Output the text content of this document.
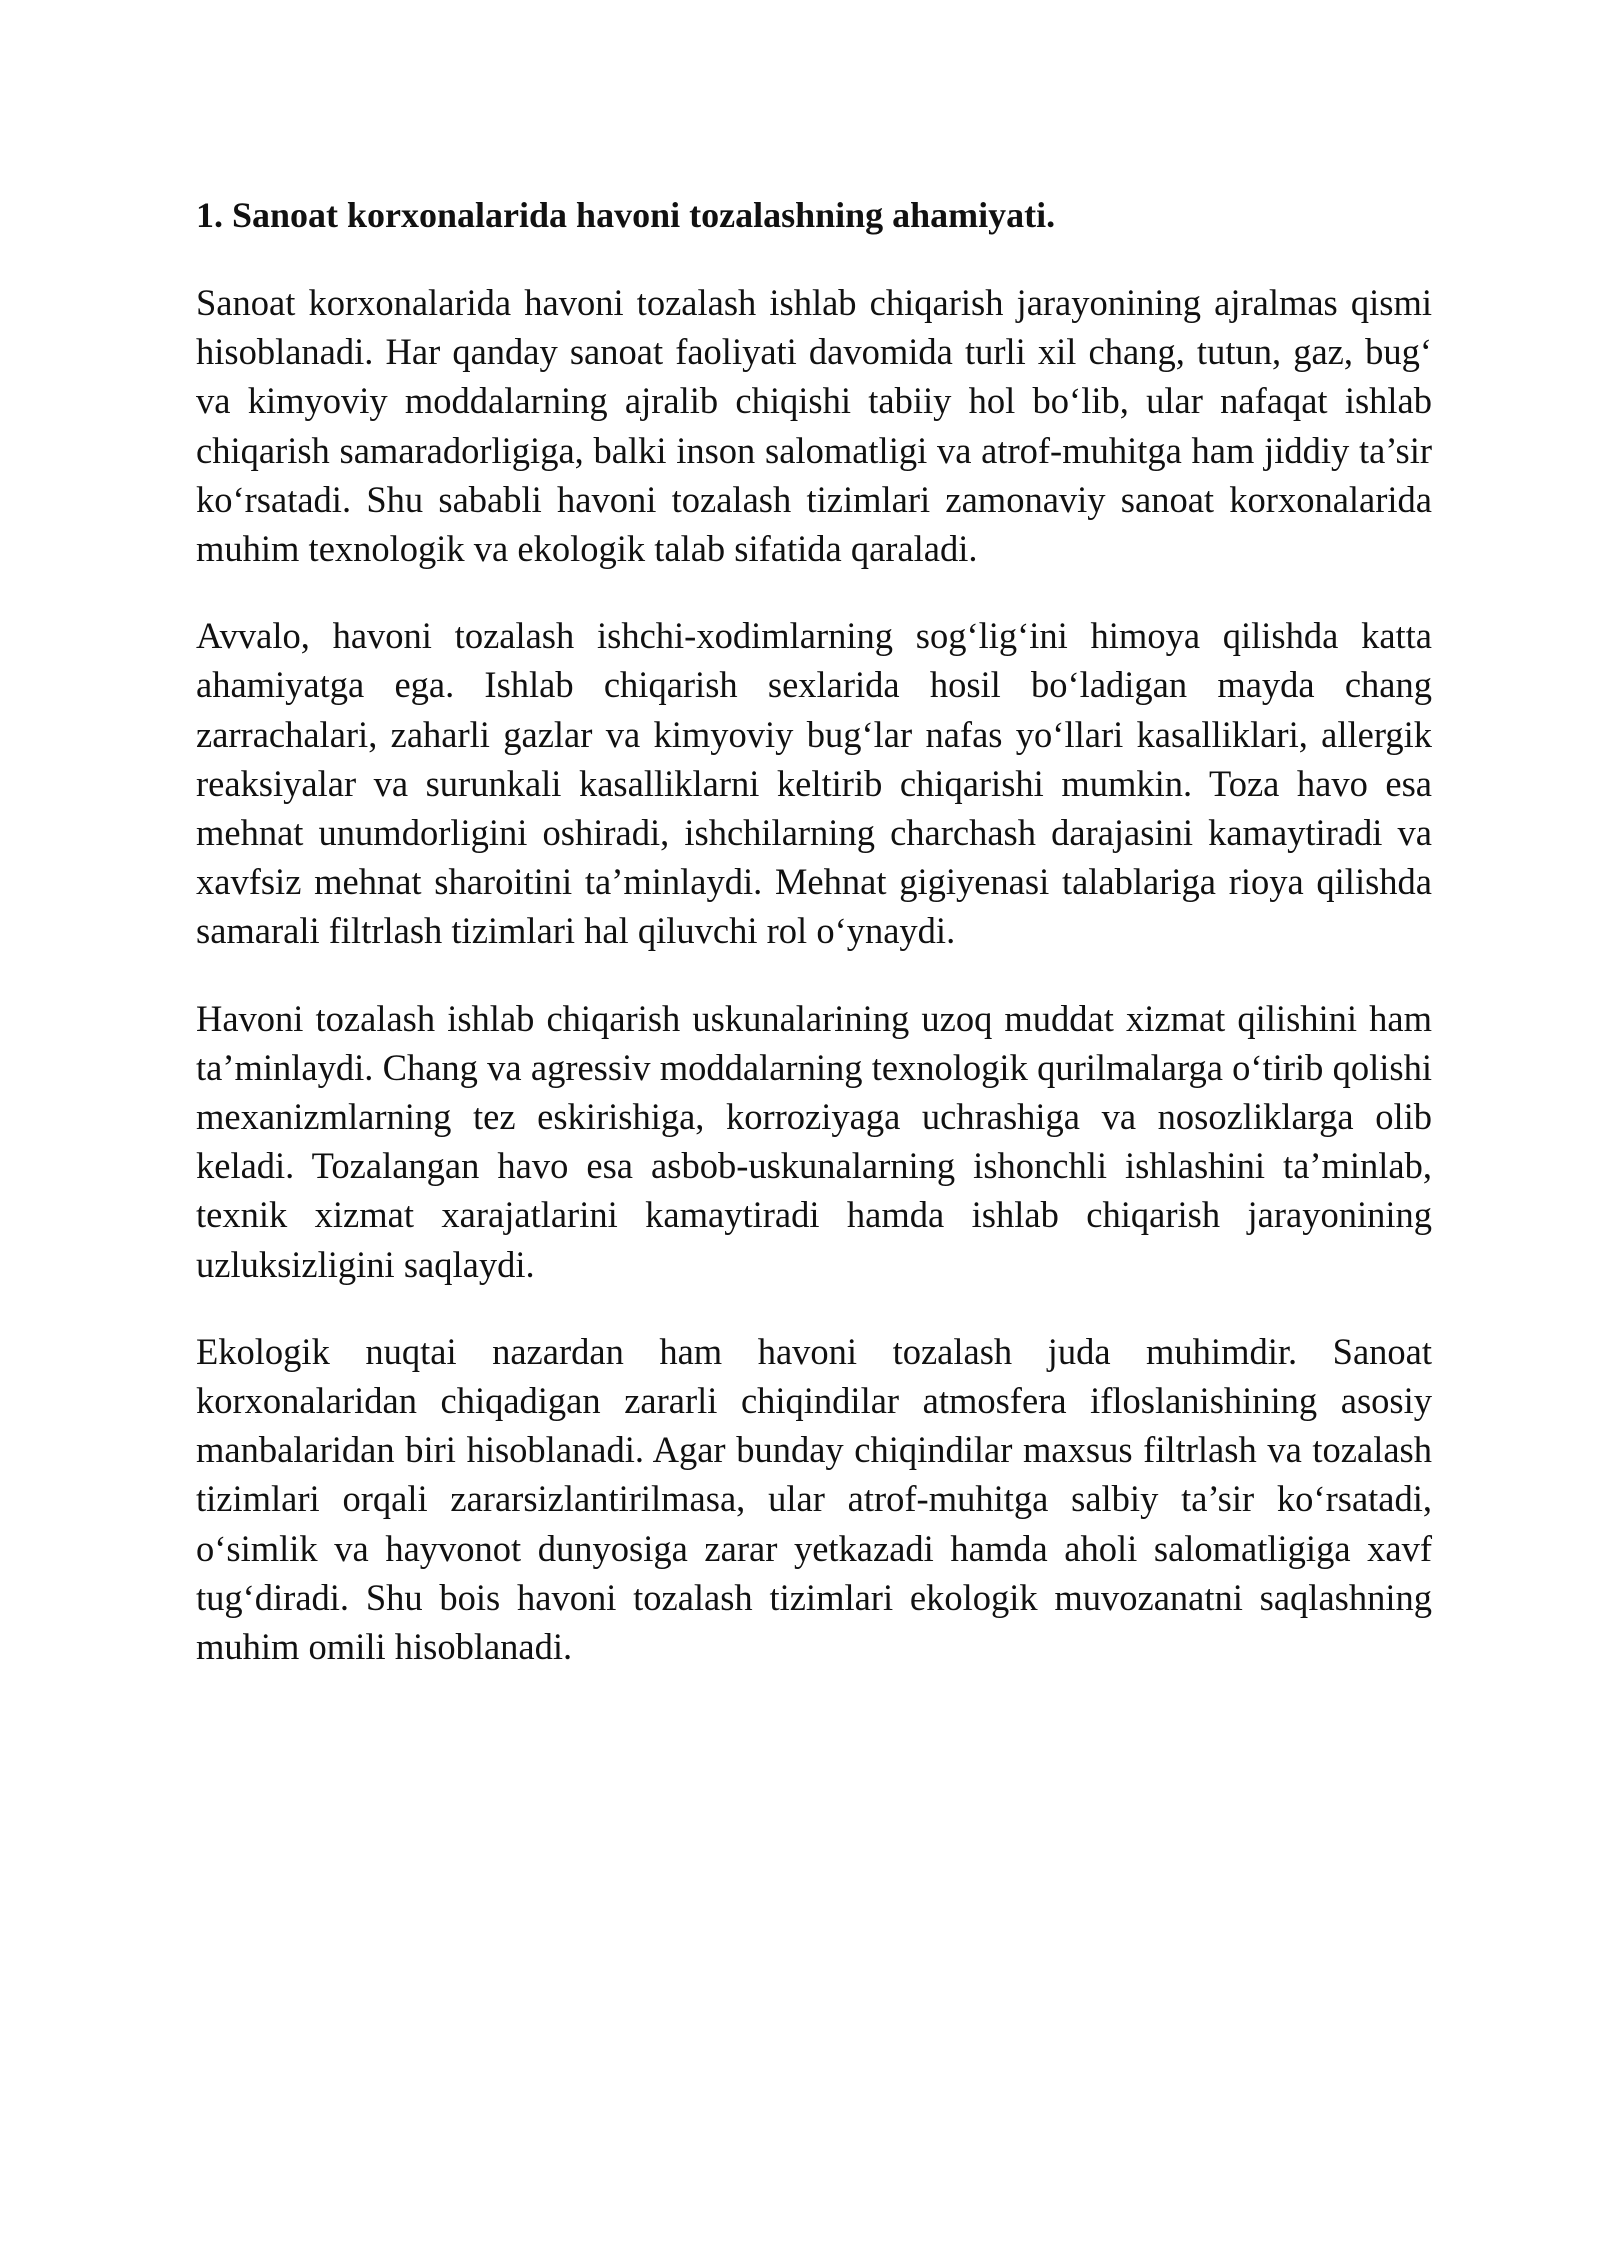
1. Sanoat korxonalarida havoni tozalashning ahamiyati.

Sanoat korxonalarida havoni tozalash ishlab chiqarish jarayonining ajralmas qismi hisoblanadi. Har qanday sanoat faoliyati davomida turli xil chang, tutun, gaz, bug‘ va kimyoviy moddalarning ajralib chiqishi tabiiy hol bo‘lib, ular nafaqat ishlab chiqarish samaradorligiga, balki inson salomatligi va atrof-muhitga ham jiddiy ta’sir ko‘rsatadi. Shu sababli havoni tozalash tizimlari zamonaviy sanoat korxonalarida muhim texnologik va ekologik talab sifatida qaraladi.

Avvalo, havoni tozalash ishchi-xodimlarning sog‘lig‘ini himoya qilishda katta ahamiyatga ega. Ishlab chiqarish sexlarida hosil bo‘ladigan mayda chang zarrachalari, zaharli gazlar va kimyoviy bug‘lar nafas yo‘llari kasalliklari, allergik reaksiyalar va surunkali kasalliklarni keltirib chiqarishi mumkin. Toza havo esa mehnat unumdorligini oshiradi, ishchilarning charchash darajasini kamaytiradi va xavfsiz mehnat sharoitini ta’minlaydi. Mehnat gigiyenasi talablariga rioya qilishda samarali filtrlash tizimlari hal qiluvchi rol o‘ynaydi.

Havoni tozalash ishlab chiqarish uskunalarining uzoq muddat xizmat qilishini ham ta’minlaydi. Chang va agressiv moddalarning texnologik qurilmalarga o‘tirib qolishi mexanizmlarning tez eskirishiga, korroziyaga uchrashiga va nosozliklarga olib keladi. Tozalangan havo esa asbob-uskunalarning ishonchli ishlashini ta’minlab, texnik xizmat xarajatlarini kamaytiradi hamda ishlab chiqarish jarayonining uzluksizligini saqlaydi.

Ekologik nuqtai nazardan ham havoni tozalash juda muhimdir. Sanoat korxonalaridan chiqadigan zararli chiqindilar atmosfera ifloslanishining asosiy manbalaridan biri hisoblanadi. Agar bunday chiqindilar maxsus filtrlash va tozalash tizimlari orqali zararsizlantirilmasa, ular atrof-muhitga salbiy ta’sir ko‘rsatadi, o‘simlik va hayvonot dunyosiga zarar yetkazadi hamda aholi salomatligiga xavf tug‘diradi. Shu bois havoni tozalash tizimlari ekologik muvozanatni saqlashning muhim omili hisoblanadi.
